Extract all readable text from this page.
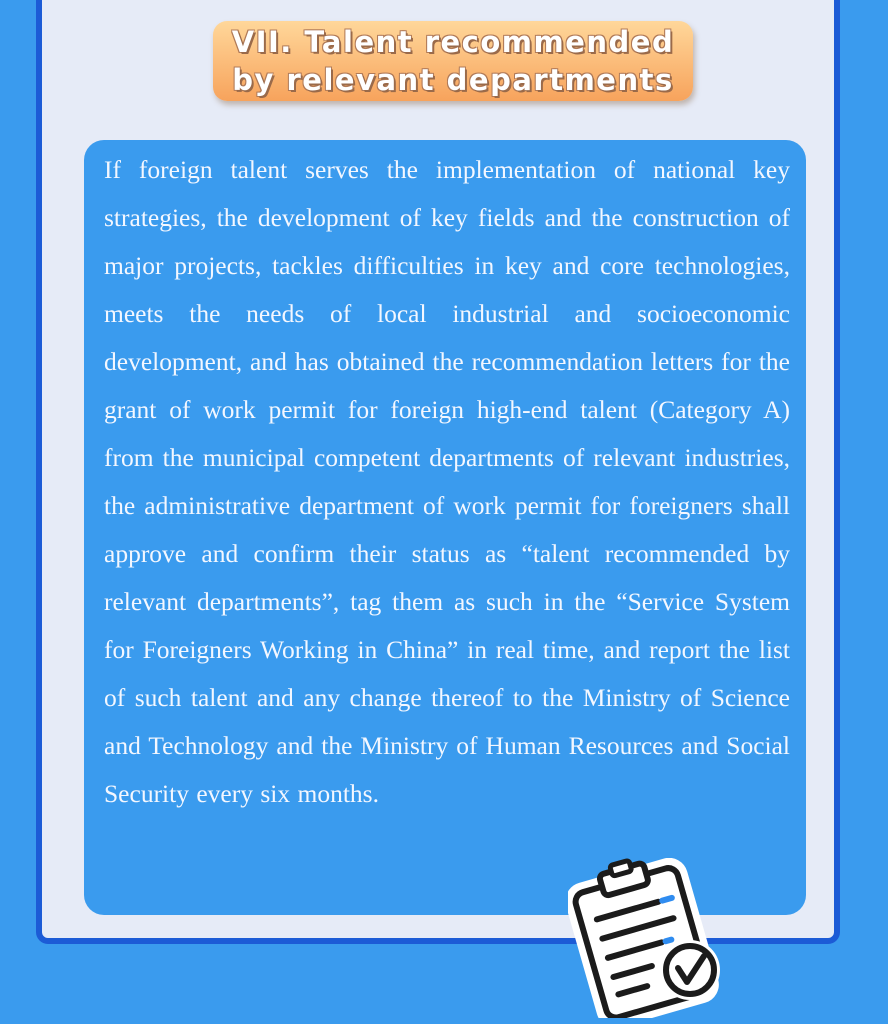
VII. Talent recommended
by relevant departments

If foreign talent serves the implementation of national key strategies, the development of key fields and the construction of major projects, tackles difficulties in key and core technologies, meets the needs of local industrial and socioeconomic development, and has obtained the recommendation letters for the grant of work permit for foreign high-end talent (Category A) from the municipal competent departments of relevant industries, the administrative department of work permit for foreigners shall approve and confirm their status as “talent recommended by relevant departments”, tag them as such in the “Service System for Foreigners Working in China” in real time, and report the list of such talent and any change thereof to the Ministry of Science and Technology and the Ministry of Human Resources and Social Security every six months.
